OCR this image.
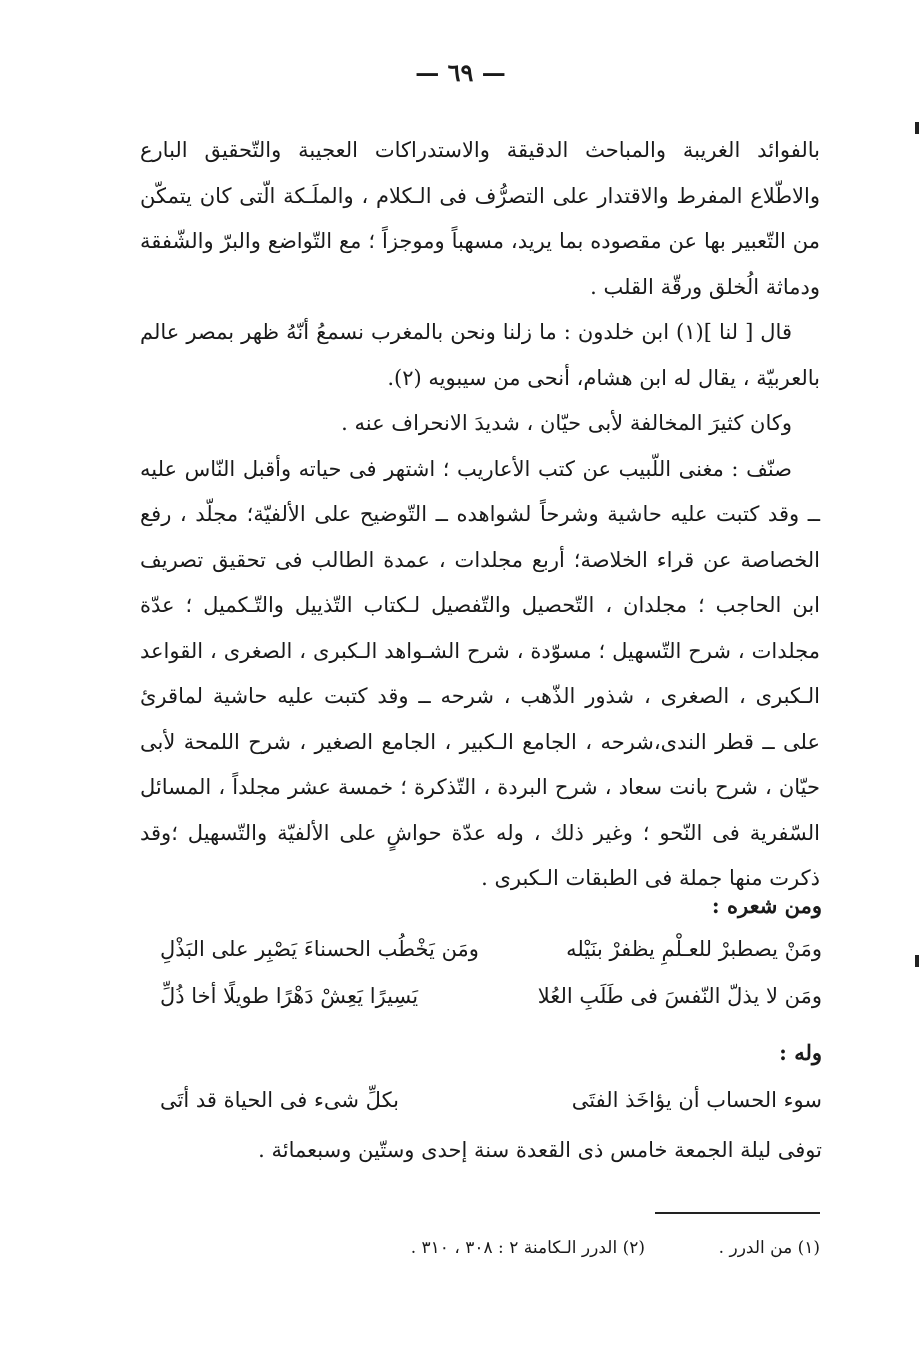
— ٦٩ —

بالفوائد الغريبة والمباحث الدقيقة والاستدراكات العجيبة والتّحقيق البارع والاطّلاع المفرط والاقتدار على التصرُّف فى الـكلام ، والملَـكة الّتى كان يتمكّن من التّعبير بها عن مقصوده بما يريد، مسهباً وموجزاً ؛ مع التّواضع والبرّ والشّفقة ودماثة الُخلق ورقّة القلب .

قال [ لنا ](١) ابن خلدون : ما زلنا ونحن بالمغرب نسمعُ أنّهُ ظهر بمصر عالم بالعربيّة ، يقال له ابن هشام، أنحى من سيبويه (٢).

وكان كثيرَ المخالفة لأبى حيّان ، شديدَ الانحراف عنه .

صنّف : مغنى اللّبيب عن كتب الأعاريب ؛ اشتهر فى حياته وأقبل النّاس عليه ــ وقد كتبت عليه حاشية وشرحاً لشواهده ــ التّوضيح على الألفيّة؛ مجلّد ، رفع الخصاصة عن قراء الخلاصة؛ أربع مجلدات ، عمدة الطالب فى تحقيق تصريف ابن الحاجب ؛ مجلدان ، التّحصيل والتّفصيل لـكتاب التّذييل والتّـكميل ؛ عدّة مجلدات ، شرح التّسهيل ؛ مسوّدة ، شرح الشـواهد الـكبرى ، الصغرى ، القواعد الـكبرى ، الصغرى ، شذور الذّهب ، شرحه ــ وقد كتبت عليه حاشية لماقرئ على ــ قطر الندى،شرحه ، الجامع الـكبير ، الجامع الصغير ، شرح اللمحة لأبى حيّان ، شرح بانت سعاد ، شرح البردة ، التّذكرة ؛ خمسة عشر مجلداً ، المسائل السّفرية فى النّحو ؛ وغير ذلك ، وله عدّة حواشٍ على الألفيّة والتّسهيل ؛وقد ذكرت منها جملة فى الطبقات الـكبرى .

ومن شعره :
ومَنْ يصطبرْ للعـلْمِ يظفرْ بنَيْله
ومَن يَخْطُب الحسناءَ يَصْبِر على البَذْلِ
ومَن لا يذلّ النّفسَ فى طَلَبِ العُلا
يَسِيرًا يَعِشْ دَهْرًا طويلًا أخا ذُلِّ
وله :
سوء الحساب أن يؤاخَذ الفتَى
بكلِّ شىء فى الحياة قد أتَى
توفى ليلة الجمعة خامس ذى القعدة سنة إحدى وستّين وسبعمائة .
(١) من الدرر .
(٢) الدرر الـكامنة ٢ : ٣٠٨ ، ٣١٠ .
